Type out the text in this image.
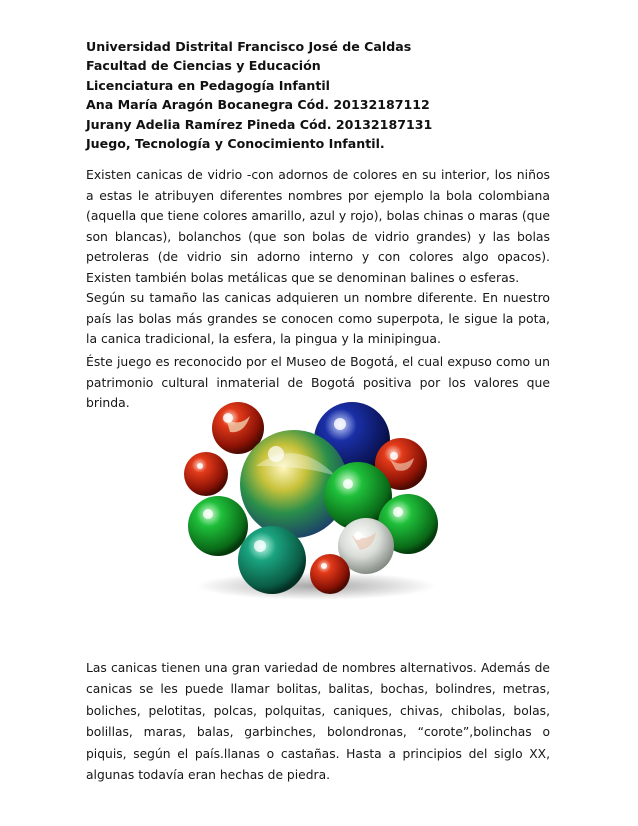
Universidad Distrital Francisco José de Caldas
Facultad de Ciencias y Educación
Licenciatura en Pedagogía Infantil
Ana María Aragón Bocanegra Cód. 20132187112
Jurany Adelia Ramírez Pineda Cód. 20132187131
Juego, Tecnología y Conocimiento Infantil.

Existen canicas de vidrio -con adornos de colores en su interior, los niños a estas le atribuyen diferentes nombres por ejemplo la bola colombiana (aquella que tiene colores amarillo, azul y rojo), bolas chinas o maras (que son blancas), bolanchos (que son bolas de vidrio grandes) y las bolas petroleras (de vidrio sin adorno interno y con colores algo opacos). Existen también bolas metálicas que se denominan balines o esferas.

Según su tamaño las canicas adquieren un nombre diferente. En nuestro país las bolas más grandes se conocen como superpota, le sigue la pota, la canica tradicional, la esfera, la pingua y la minipingua.

Éste juego es reconocido por el Museo de Bogotá, el cual expuso como un patrimonio cultural inmaterial de Bogotá positiva por los valores que brinda.

Las canicas tienen una gran variedad de nombres alternativos. Además de canicas se les puede llamar bolitas, balitas, bochas, bolindres, metras, boliches, pelotitas, polcas, polquitas, caniques, chivas, chibolas, bolas, bolillas, maras, balas, garbinches, bolondronas, “corote”,bolinchas o piquis, según el país.llanas o castañas. Hasta a principios del siglo XX, algunas todavía eran hechas de piedra.
